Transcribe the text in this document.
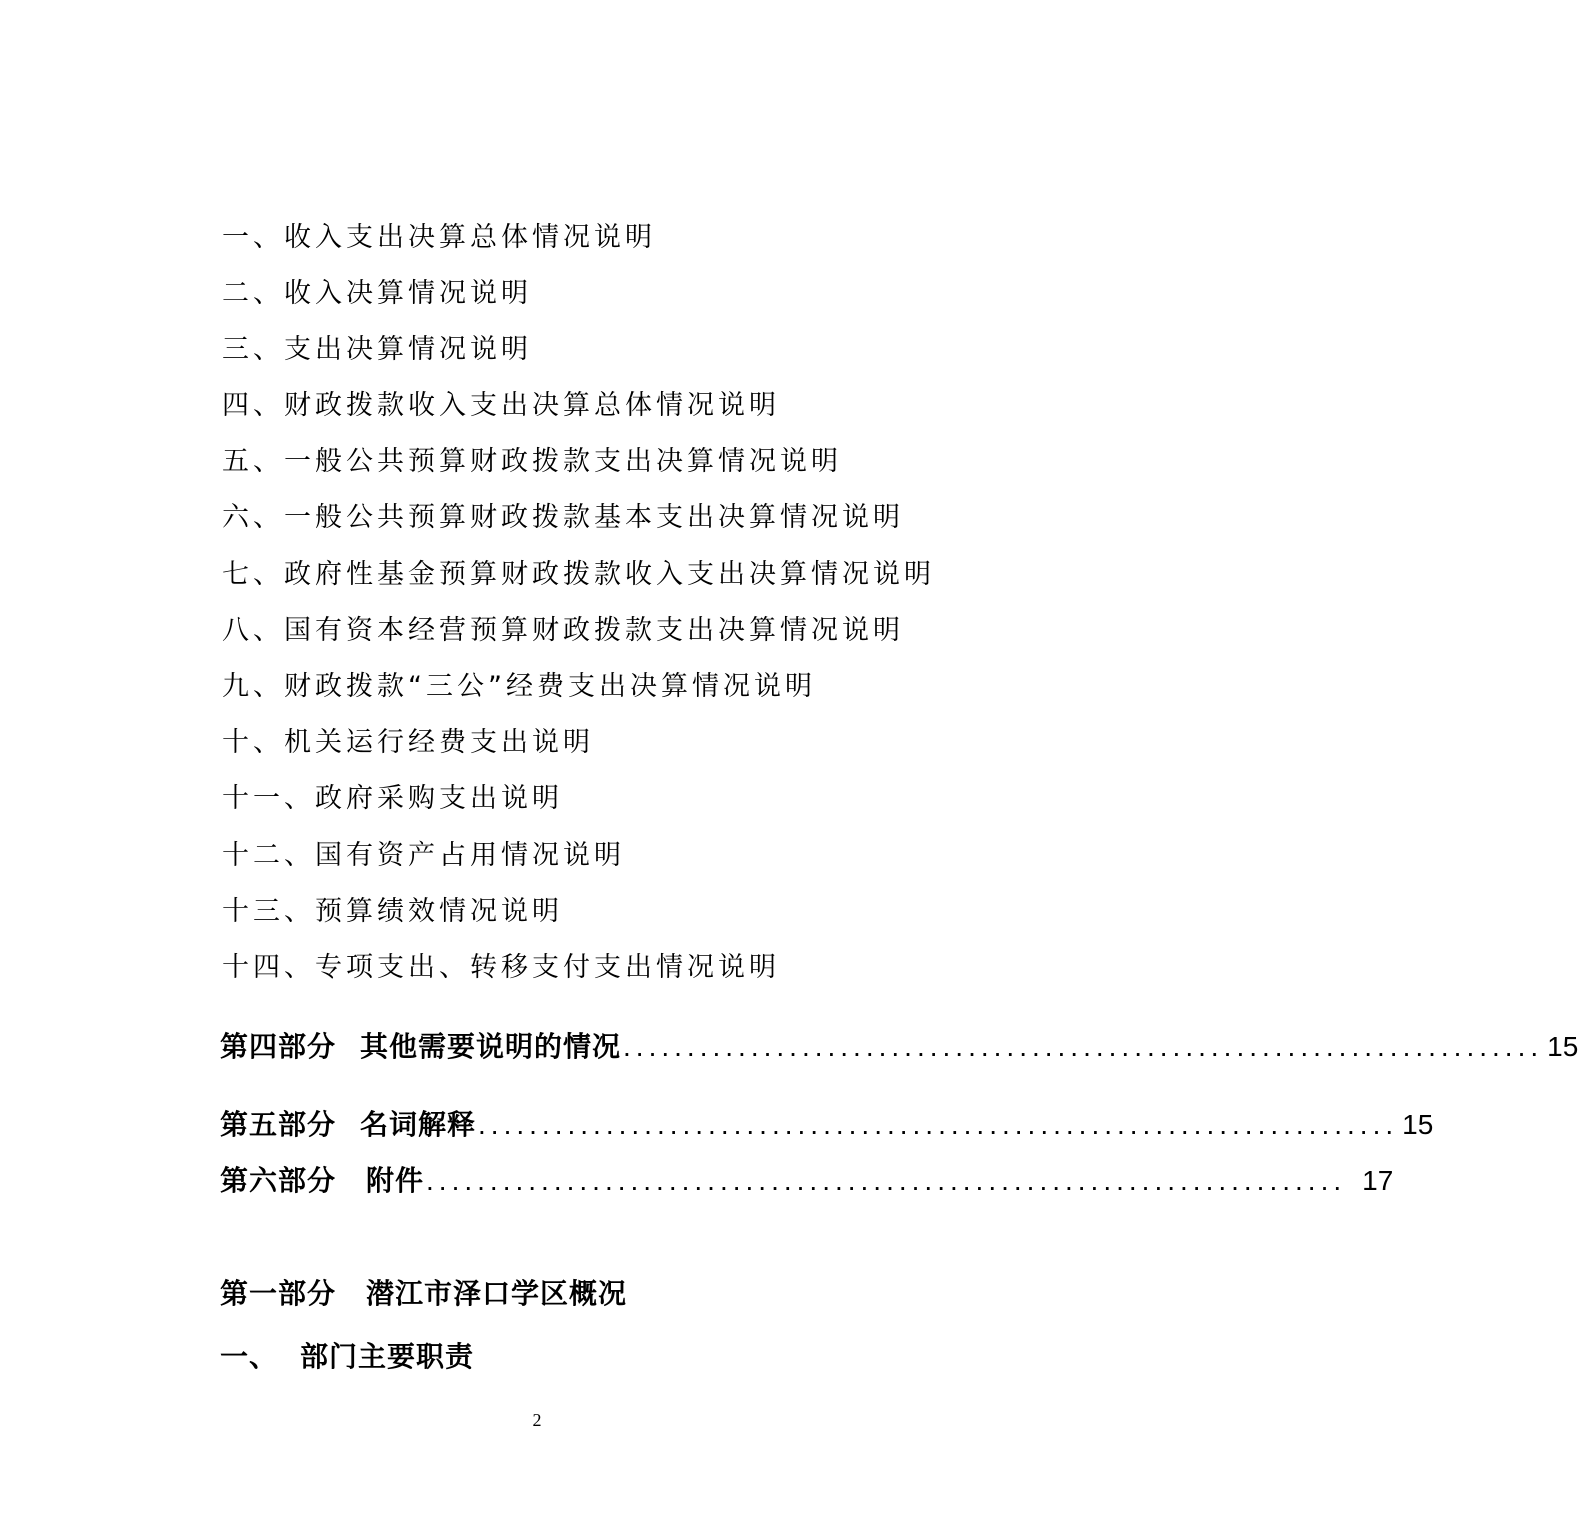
一、收入支出决算总体情况说明
二、收入决算情况说明
三、支出决算情况说明
四、财政拨款收入支出决算总体情况说明
五、一般公共预算财政拨款支出决算情况说明
六、一般公共预算财政拨款基本支出决算情况说明
七、政府性基金预算财政拨款收入支出决算情况说明
八、国有资本经营预算财政拨款支出决算情况说明
九、财政拨款“三公”经费支出决算情况说明
十、机关运行经费支出说明
十一、政府采购支出说明
十二、国有资产占用情况说明
十三、预算绩效情况说明
十四、专项支出、转移支付支出情况说明
第四部分 其他需要说明的情况 ........................................................................ 15
第五部分 名词解释 ........................................................................ 15
第六部分 附件 ........................................................................ 17
第一部分 潜江市泽口学区概况
一、 部门主要职责
2
